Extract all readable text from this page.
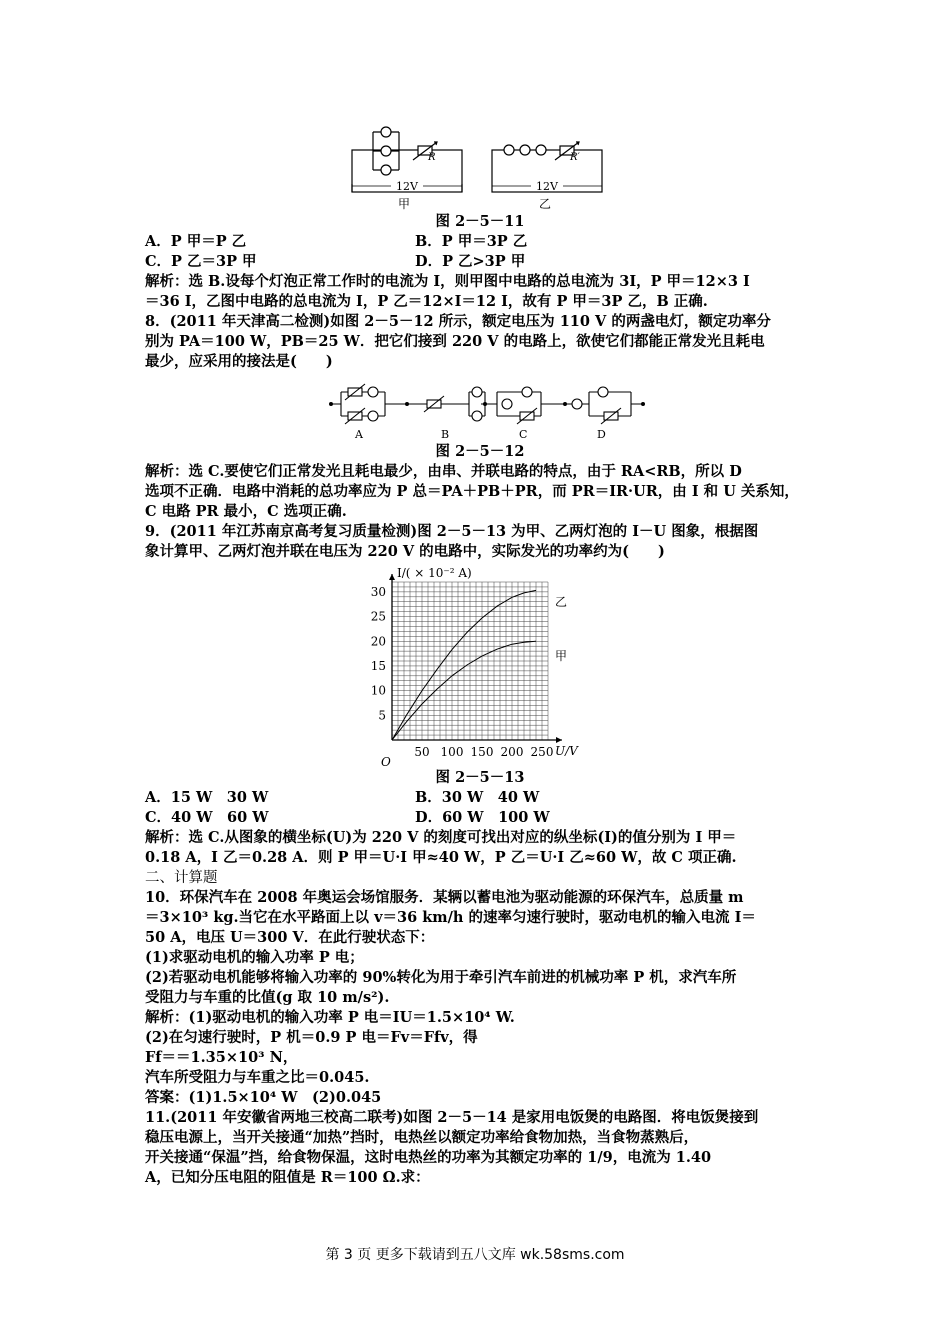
12V	12V
R	R′
甲	乙
图 2－5－11
A．P 甲＝P 乙	B．P 甲＝3P 乙
C．P 乙＝3P 甲	D．P 乙>3P 甲
解析：选 B.设每个灯泡正常工作时的电流为 I，则甲图中电路的总电流为 3I，P 甲＝12×3 I
＝36 I，乙图中电路的总电流为 I，P 乙＝12×I＝12 I，故有 P 甲＝3P 乙，B 正确.
8．(2011 年天津高二检测)如图 2－5－12 所示，额定电压为 110 V 的两盏电灯，额定功率分
别为 PA＝100 W，PB＝25 W．把它们接到 220 V 的电路上，欲使它们都能正常发光且耗电
最少，应采用的接法是(　　)
A	B	C	D
图 2－5－12
解析：选 C.要使它们正常发光且耗电最少，由串、并联电路的特点，由于 RA<RB，所以 D
选项不正确．电路中消耗的总功率应为 P 总＝PA＋PB＋PR，而 PR＝IR·UR，由 I 和 U 关系知，
C 电路 PR 最小，C 选项正确.
9．(2011 年江苏南京高考复习质量检测)图 2－5－13 为甲、乙两灯泡的 I－U 图象，根据图
象计算甲、乙两灯泡并联在电压为 220 V 的电路中，实际发光的功率约为(　　)
50 100 150 200 250
5
10
15
20
25
30
I/( × 10⁻² A)
U/V
O
乙
甲
图 2－5－13
A．15 W　30 W	B．30 W　40 W
C．40 W　60 W	D．60 W　100 W
解析：选 C.从图象的横坐标(U)为 220 V 的刻度可找出对应的纵坐标(I)的值分别为 I 甲＝
0.18 A，I 乙＝0.28 A．则 P 甲＝U·I 甲≈40 W，P 乙＝U·I 乙≈60 W，故 C 项正确.
二、计算题
10．环保汽车在 2008 年奥运会场馆服务．某辆以蓄电池为驱动能源的环保汽车，总质量 m
＝3×10³ kg.当它在水平路面上以 v＝36 km/h 的速率匀速行驶时，驱动电机的输入电流 I＝
50 A，电压 U＝300 V．在此行驶状态下：
(1)求驱动电机的输入功率 P 电；
(2)若驱动电机能够将输入功率的 90%转化为用于牵引汽车前进的机械功率 P 机，求汽车所
受阻力与车重的比值(g 取 10 m/s²).
解析：(1)驱动电机的输入功率 P 电＝IU＝1.5×10⁴ W.
(2)在匀速行驶时，P 机＝0.9 P 电＝Fv＝Ffv，得
Ff＝＝1.35×10³ N，
汽车所受阻力与车重之比＝0.045.
答案：(1)1.5×10⁴ W　(2)0.045
11.(2011 年安徽省两地三校高二联考)如图 2－5－14 是家用电饭煲的电路图．将电饭煲接到
稳压电源上，当开关接通“加热”挡时，电热丝以额定功率给食物加热，当食物蒸熟后，
开关接通“保温”挡，给食物保温，这时电热丝的功率为其额定功率的 1/9，电流为 1.40
A，已知分压电阻的阻值是 R＝100 Ω.求：
第 3 页 更多下载请到五八文库 wk.58sms.com
